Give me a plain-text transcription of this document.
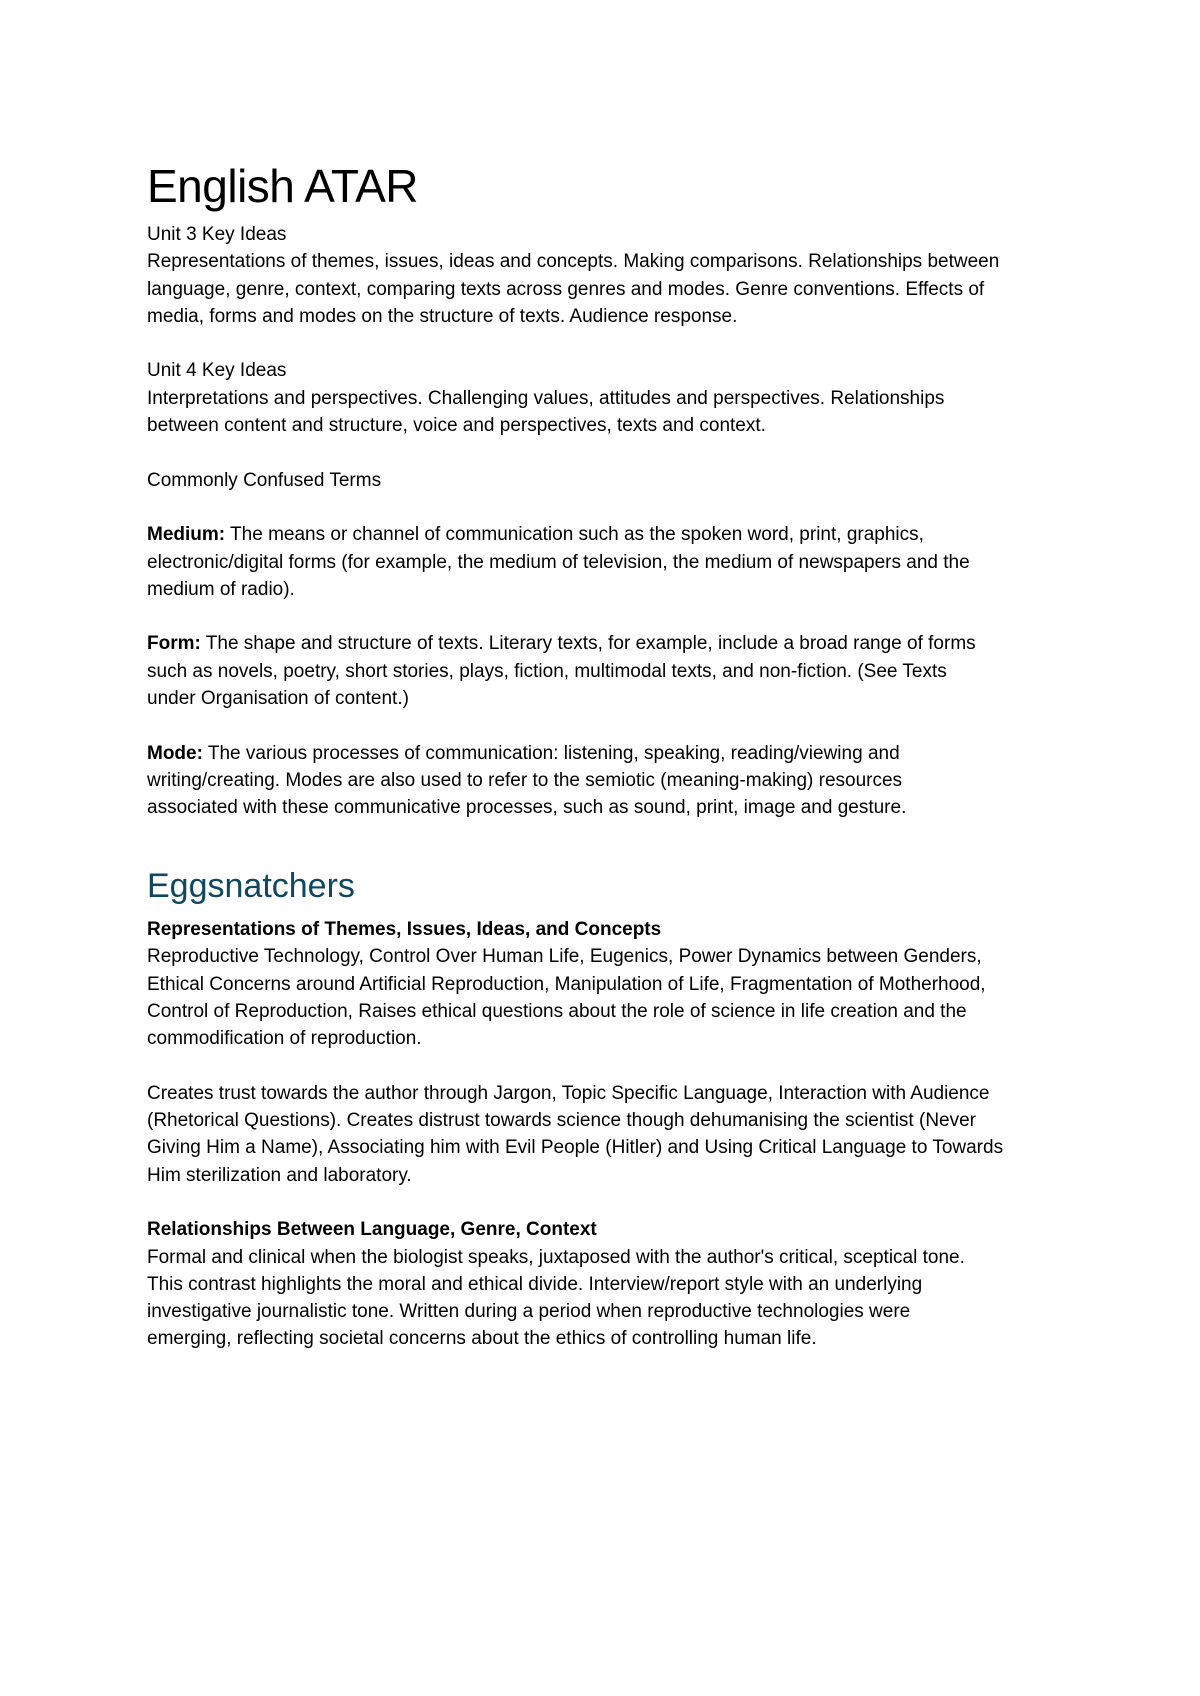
English ATAR
Unit 3 Key Ideas
Representations of themes, issues, ideas and concepts. Making comparisons. Relationships between
language, genre, context, comparing texts across genres and modes. Genre conventions. Effects of
media, forms and modes on the structure of texts. Audience response.
Unit 4 Key Ideas
Interpretations and perspectives. Challenging values, attitudes and perspectives. Relationships
between content and structure, voice and perspectives, texts and context.
Commonly Confused Terms
Medium: The means or channel of communication such as the spoken word, print, graphics,
electronic/digital forms (for example, the medium of television, the medium of newspapers and the
medium of radio).
Form: The shape and structure of texts. Literary texts, for example, include a broad range of forms
such as novels, poetry, short stories, plays, fiction, multimodal texts, and non-fiction. (See Texts
under Organisation of content.)
Mode: The various processes of communication: listening, speaking, reading/viewing and
writing/creating. Modes are also used to refer to the semiotic (meaning-making) resources
associated with these communicative processes, such as sound, print, image and gesture.
Eggsnatchers
Representations of Themes, Issues, Ideas, and Concepts
Reproductive Technology, Control Over Human Life, Eugenics, Power Dynamics between Genders,
Ethical Concerns around Artificial Reproduction, Manipulation of Life, Fragmentation of Motherhood,
Control of Reproduction, Raises ethical questions about the role of science in life creation and the
commodification of reproduction.
Creates trust towards the author through Jargon, Topic Specific Language, Interaction with Audience
(Rhetorical Questions). Creates distrust towards science though dehumanising the scientist (Never
Giving Him a Name), Associating him with Evil People (Hitler) and Using Critical Language to Towards
Him sterilization and laboratory.
Relationships Between Language, Genre, Context
Formal and clinical when the biologist speaks, juxtaposed with the author's critical, sceptical tone.
This contrast highlights the moral and ethical divide. Interview/report style with an underlying
investigative journalistic tone. Written during a period when reproductive technologies were
emerging, reflecting societal concerns about the ethics of controlling human life.
